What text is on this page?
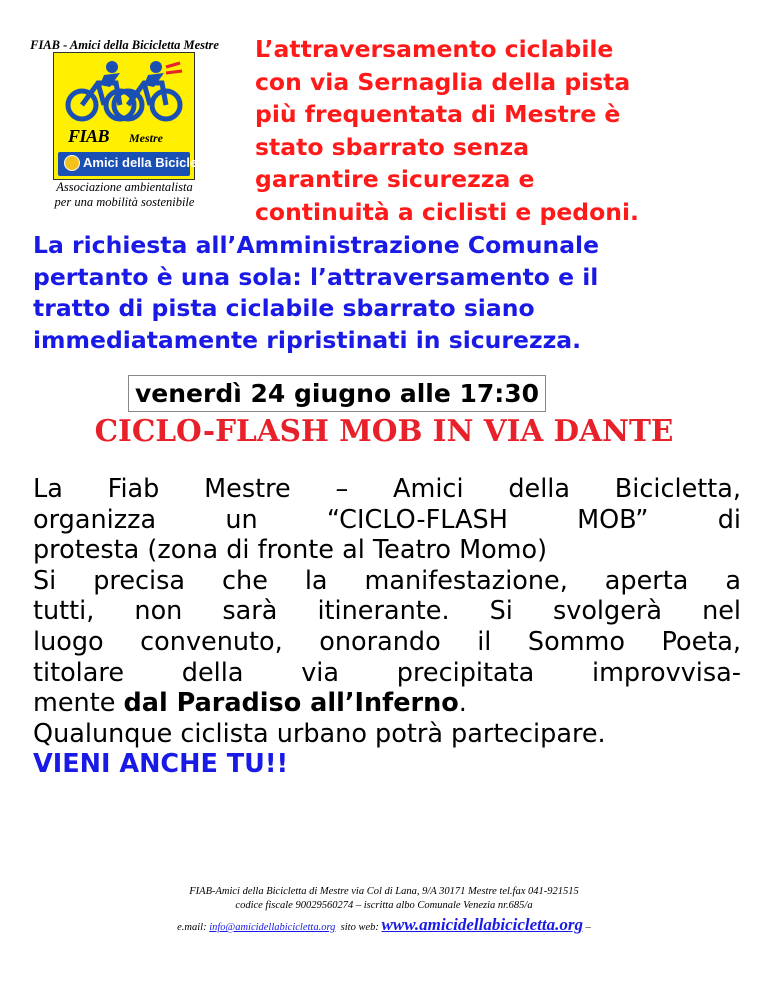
FIAB - Amici della Bicicletta Mestre
FIAB Mestre
Amici della Bicicletta
Associazione ambientalista
per una mobilità sostenibile
L’attraversamento ciclabile
con via Sernaglia della pista
più frequentata di Mestre è
stato sbarrato senza
garantire sicurezza e
continuità a ciclisti e pedoni.
La richiesta all’Amministrazione Comunale
pertanto è una sola: l’attraversamento e il
tratto di pista ciclabile sbarrato siano
immediatamente ripristinati in sicurezza.
venerdì 24 giugno alle 17:30
CICLO-FLASH MOB IN VIA DANTE
La Fiab Mestre – Amici della Bicicletta,
organizza un “CICLO-FLASH MOB” di
protesta (zona di fronte al Teatro Momo)
Si precisa che la manifestazione, aperta a
tutti, non sarà itinerante. Si svolgerà nel
luogo convenuto, onorando il Sommo Poeta,
titolare della via precipitata improvvisa-
mente dal Paradiso all’Inferno.
Qualunque ciclista urbano potrà partecipare.
VIENI ANCHE TU!!
FIAB-Amici della Bicicletta di Mestre via Col di Lana, 9/A 30171 Mestre tel.fax 041-921515
codice fiscale 90029560274 – iscritta albo Comunale Venezia nr.685/a
e.mail: info@amicidellabicicletta.org sito web: www.amicidellabicicletta.org –
